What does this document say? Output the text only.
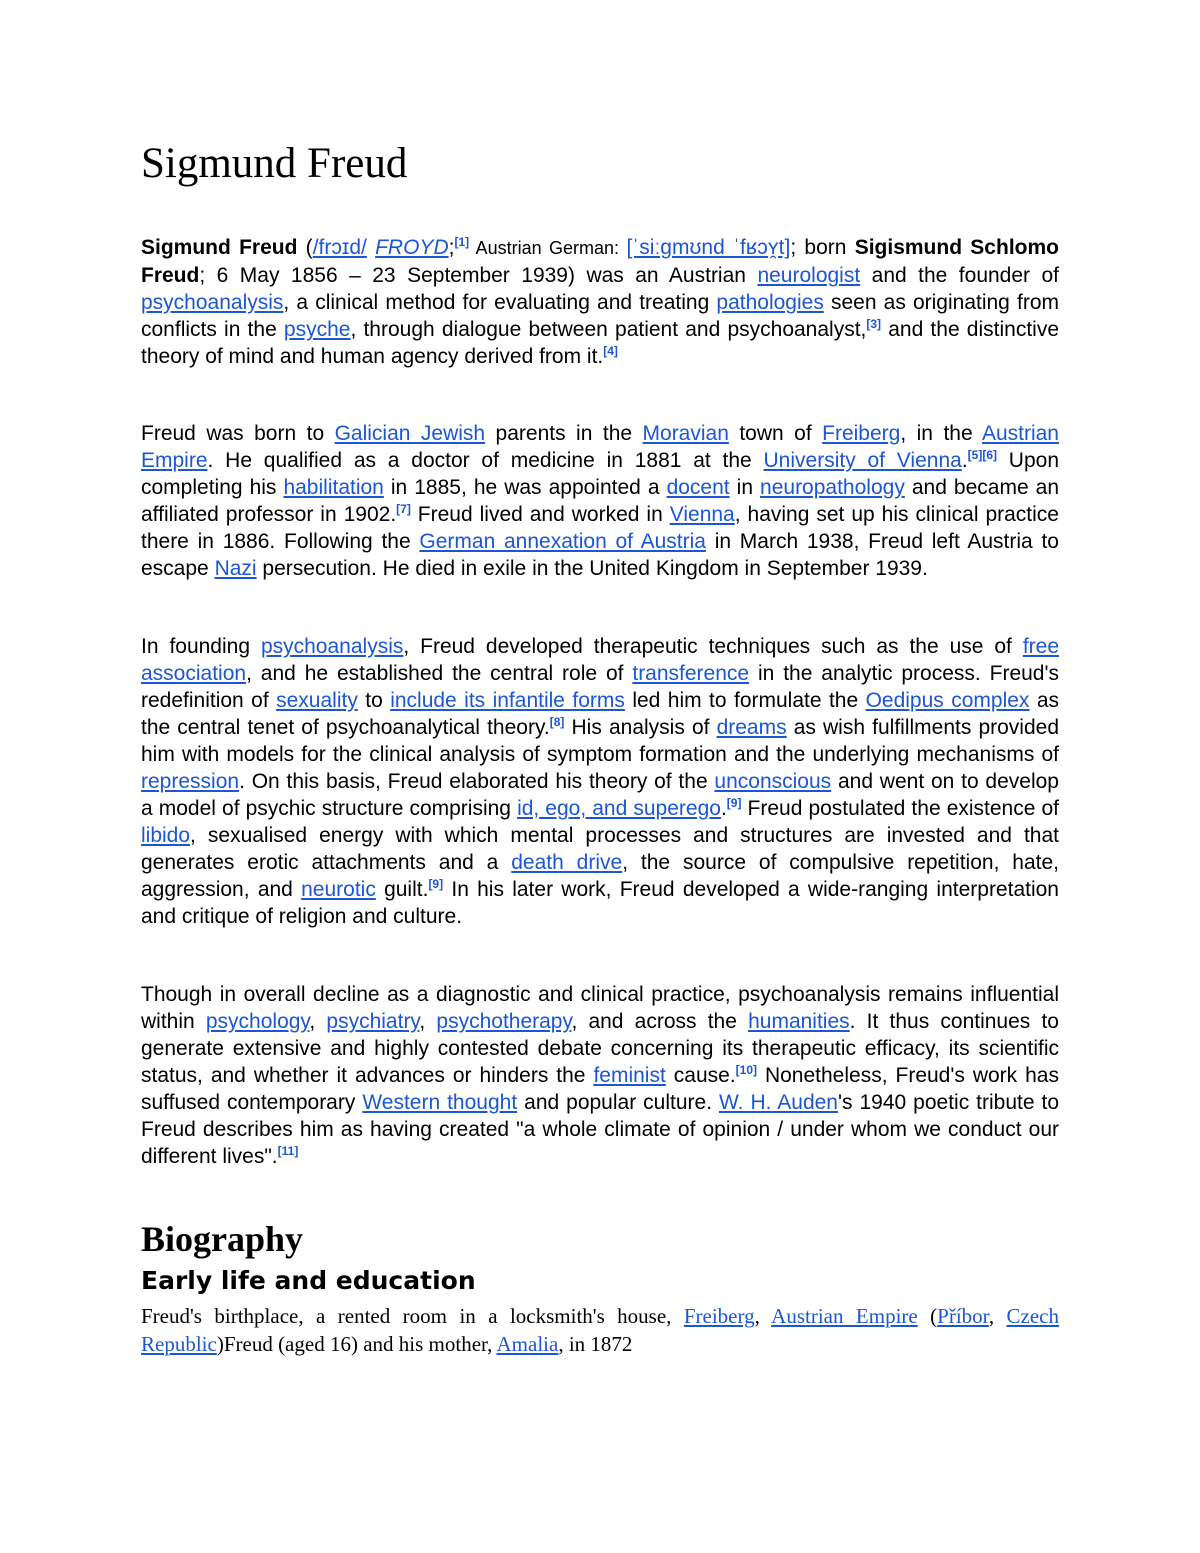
Sigmund Freud

Sigmund Freud (/frɔɪd/ FROYD;[1] Austrian German: [ˈsiːɡmʊnd ˈfʁɔʏ̯t]; born Sigismund Schlomo Freud; 6 May 1856 – 23 September 1939) was an Austrian neurologist and the founder of psychoanalysis, a clinical method for evaluating and treating pathologies seen as originating from conflicts in the psyche, through dialogue between patient and psychoanalyst,[3] and the distinctive theory of mind and human agency derived from it.[4]

Freud was born to Galician Jewish parents in the Moravian town of Freiberg, in the Austrian Empire. He qualified as a doctor of medicine in 1881 at the University of Vienna.[5][6] Upon completing his habilitation in 1885, he was appointed a docent in neuropathology and became an affiliated professor in 1902.[7] Freud lived and worked in Vienna, having set up his clinical practice there in 1886. Following the German annexation of Austria in March 1938, Freud left Austria to escape Nazi persecution. He died in exile in the United Kingdom in September 1939.

In founding psychoanalysis, Freud developed therapeutic techniques such as the use of free association, and he established the central role of transference in the analytic process. Freud's redefinition of sexuality to include its infantile forms led him to formulate the Oedipus complex as the central tenet of psychoanalytical theory.[8] His analysis of dreams as wish fulfillments provided him with models for the clinical analysis of symptom formation and the underlying mechanisms of repression. On this basis, Freud elaborated his theory of the unconscious and went on to develop a model of psychic structure comprising id, ego, and superego.[9] Freud postulated the existence of libido, sexualised energy with which mental processes and structures are invested and that generates erotic attachments and a death drive, the source of compulsive repetition, hate, aggression, and neurotic guilt.[9] In his later work, Freud developed a wide-ranging interpretation and critique of religion and culture.

Though in overall decline as a diagnostic and clinical practice, psychoanalysis remains influential within psychology, psychiatry, psychotherapy, and across the humanities. It thus continues to generate extensive and highly contested debate concerning its therapeutic efficacy, its scientific status, and whether it advances or hinders the feminist cause.[10] Nonetheless, Freud's work has suffused contemporary Western thought and popular culture. W. H. Auden's 1940 poetic tribute to Freud describes him as having created "a whole climate of opinion / under whom we conduct our different lives".[11]

Biography
Early life and education

Freud's birthplace, a rented room in a locksmith's house, Freiberg, Austrian Empire (Příbor, Czech Republic)Freud (aged 16) and his mother, Amalia, in 1872
